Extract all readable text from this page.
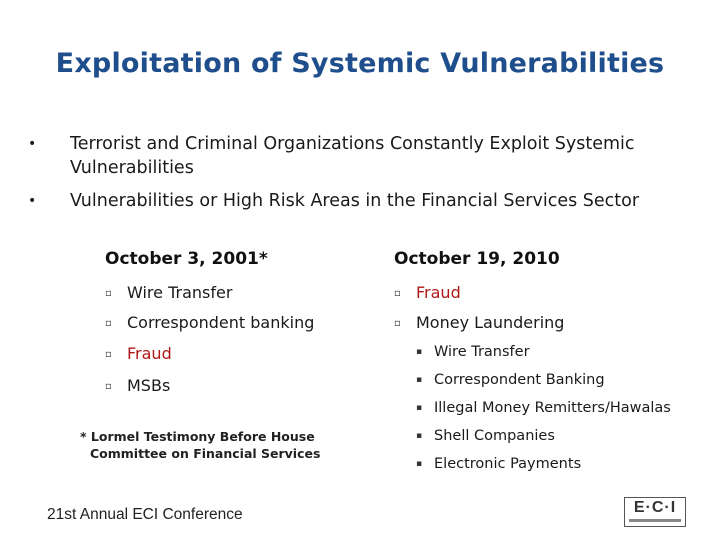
Exploitation of Systemic Vulnerabilities
• Terrorist and Criminal Organizations Constantly Exploit Systemic
Vulnerabilities
• Vulnerabilities or High Risk Areas in the Financial Services Sector
October 3, 2001*	October 19, 2010
▫ Wire Transfer
▫ Correspondent banking
▫ Fraud
▫ MSBs
▫ Fraud
▫ Money Laundering
▪ Wire Transfer
▪ Correspondent Banking
▪ Illegal Money Remitters/Hawalas
▪ Shell Companies
▪ Electronic Payments
* Lormel Testimony Before House
Committee on Financial Services
21st Annual ECI Conference	E·C·I
